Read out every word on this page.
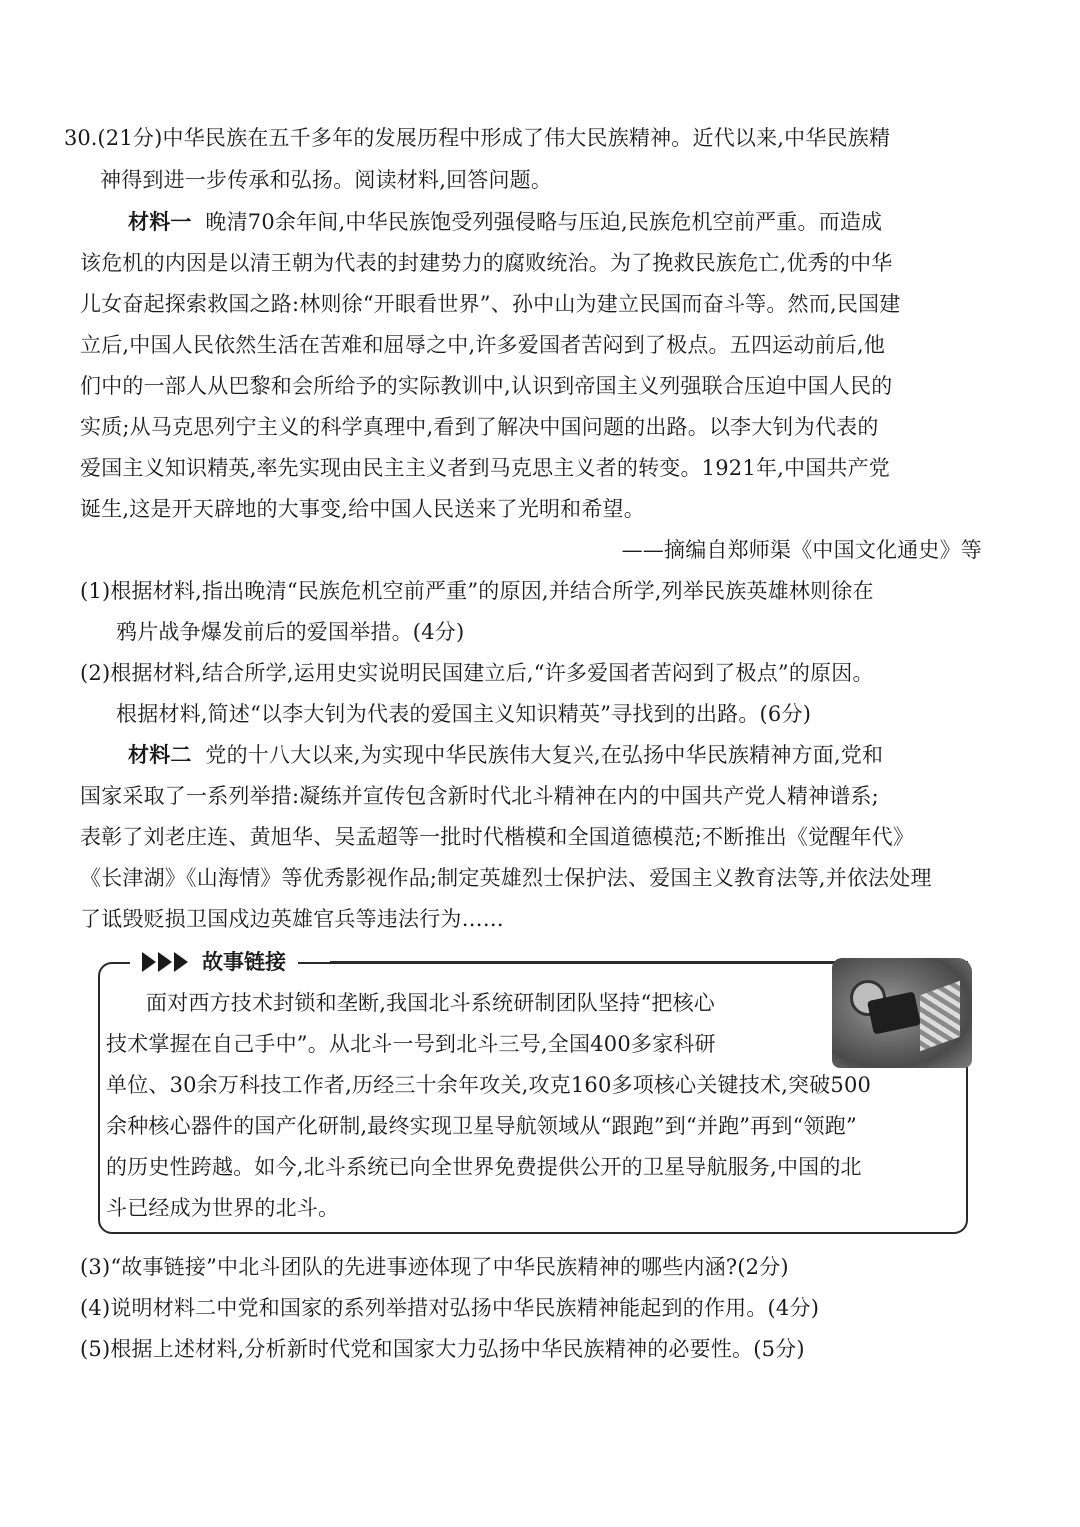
30.(21分)中华民族在五千多年的发展历程中形成了伟大民族精神。近代以来,中华民族精
神得到进一步传承和弘扬。阅读材料,回答问题。
材料一 晚清70余年间,中华民族饱受列强侵略与压迫,民族危机空前严重。而造成
该危机的内因是以清王朝为代表的封建势力的腐败统治。为了挽救民族危亡,优秀的中华
儿女奋起探索救国之路:林则徐“开眼看世界”、孙中山为建立民国而奋斗等。然而,民国建
立后,中国人民依然生活在苦难和屈辱之中,许多爱国者苦闷到了极点。五四运动前后,他
们中的一部人从巴黎和会所给予的实际教训中,认识到帝国主义列强联合压迫中国人民的
实质;从马克思列宁主义的科学真理中,看到了解决中国问题的出路。以李大钊为代表的
爱国主义知识精英,率先实现由民主主义者到马克思主义者的转变。1921年,中国共产党
诞生,这是开天辟地的大事变,给中国人民送来了光明和希望。
——摘编自郑师渠《中国文化通史》等
(1)根据材料,指出晚清“民族危机空前严重”的原因,并结合所学,列举民族英雄林则徐在
鸦片战争爆发前后的爱国举措。(4分)
(2)根据材料,结合所学,运用史实说明民国建立后,“许多爱国者苦闷到了极点”的原因。
根据材料,简述“以李大钊为代表的爱国主义知识精英”寻找到的出路。(6分)
材料二 党的十八大以来,为实现中华民族伟大复兴,在弘扬中华民族精神方面,党和
国家采取了一系列举措:凝练并宣传包含新时代北斗精神在内的中国共产党人精神谱系;
表彰了刘老庄连、黄旭华、吴孟超等一批时代楷模和全国道德模范;不断推出《觉醒年代》
《长津湖》《山海情》等优秀影视作品;制定英雄烈士保护法、爱国主义教育法等,并依法处理
了诋毁贬损卫国戍边英雄官兵等违法行为……
故事链接
面对西方技术封锁和垄断,我国北斗系统研制团队坚持“把核心
技术掌握在自己手中”。从北斗一号到北斗三号,全国400多家科研
单位、30余万科技工作者,历经三十余年攻关,攻克160多项核心关键技术,突破500
余种核心器件的国产化研制,最终实现卫星导航领域从“跟跑”到“并跑”再到“领跑”
的历史性跨越。如今,北斗系统已向全世界免费提供公开的卫星导航服务,中国的北
斗已经成为世界的北斗。
(3)“故事链接”中北斗团队的先进事迹体现了中华民族精神的哪些内涵?(2分)
(4)说明材料二中党和国家的系列举措对弘扬中华民族精神能起到的作用。(4分)
(5)根据上述材料,分析新时代党和国家大力弘扬中华民族精神的必要性。(5分)
